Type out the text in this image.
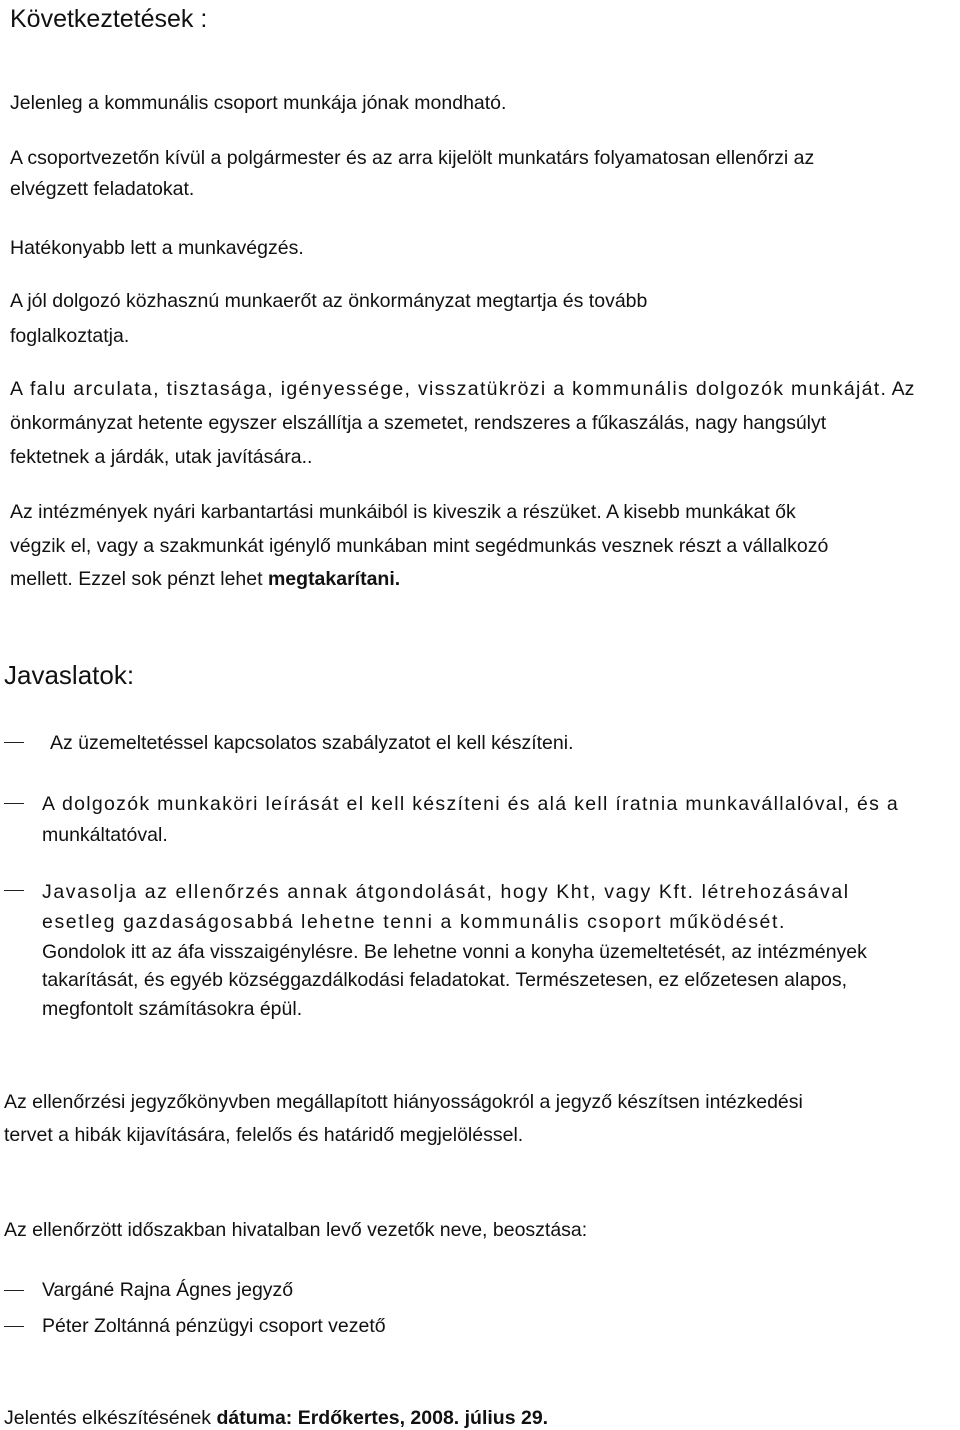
Következtetések :
Jelenleg a kommunális csoport munkája jónak mondható.
A csoportvezetőn kívül a polgármester és az arra kijelölt munkatárs folyamatosan ellenőrzi az
elvégzett feladatokat.
Hatékonyabb lett a munkavégzés.
A jól dolgozó közhasznú munkaerőt az önkormányzat megtartja és tovább
foglalkoztatja.
A falu arculata, tisztasága, igényessége, visszatükrözi a kommunális dolgozók munkáját. Az
önkormányzat hetente egyszer elszállítja a szemetet, rendszeres a fűkaszálás, nagy hangsúlyt
fektetnek a járdák, utak javítására..
Az intézmények nyári karbantartási munkáiból is kiveszik a részüket. A kisebb munkákat ők
végzik el, vagy a szakmunkát igénylő munkában mint segédmunkás vesznek részt a vállalkozó
mellett. Ezzel sok pénzt lehet megtakarítani.
Javaslatok:
Az üzemeltetéssel kapcsolatos szabályzatot el kell készíteni.
A dolgozók munkaköri leírását el kell készíteni és alá kell íratnia munkavállalóval, és a
munkáltatóval.
Javasolja az ellenőrzés annak átgondolását, hogy Kht, vagy Kft. létrehozásával
esetleg gazdaságosabbá lehetne tenni a kommunális csoport működését.
Gondolok itt az áfa visszaigénylésre. Be lehetne vonni a konyha üzemeltetését, az intézmények
takarítását, és egyéb községgazdálkodási feladatokat. Természetesen, ez előzetesen alapos,
megfontolt számításokra épül.
Az ellenőrzési jegyzőkönyvben megállapított hiányosságokról a jegyző készítsen intézkedési
tervet a hibák kijavítására, felelős és határidő megjelöléssel.
Az ellenőrzött időszakban hivatalban levő vezetők neve, beosztása:
Vargáné Rajna Ágnes jegyző
Péter Zoltánná pénzügyi csoport vezető
Jelentés elkészítésének dátuma: Erdőkertes, 2008. július 29.
